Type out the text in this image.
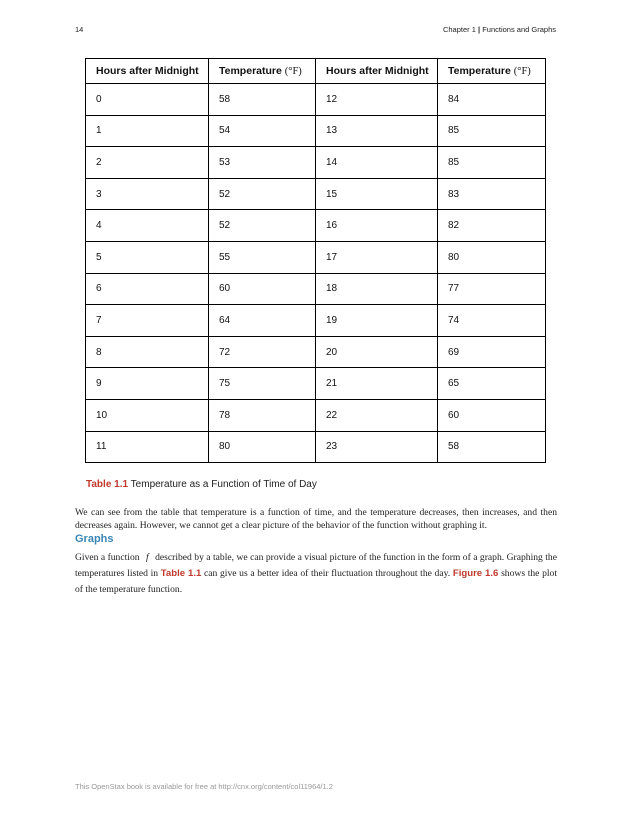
14	Chapter 1 | Functions and Graphs
Hours after Midnight	Temperature (°F)	Hours after Midnight	Temperature (°F)
0	58	12	84
1	54	13	85
2	53	14	85
3	52	15	83
4	52	16	82
5	55	17	80
6	60	18	77
7	64	19	74
8	72	20	69
9	75	21	65
10	78	22	60
11	80	23	58
Table 1.1 Temperature as a Function of Time of Day

We can see from the table that temperature is a function of time, and the temperature decreases, then increases, and then decreases again. However, we cannot get a clear picture of the behavior of the function without graphing it.

Graphs

Given a function f described by a table, we can provide a visual picture of the function in the form of a graph. Graphing the temperatures listed in Table 1.1 can give us a better idea of their fluctuation throughout the day. Figure 1.6 shows the plot of the temperature function.

This OpenStax book is available for free at http://cnx.org/content/col11964/1.2
